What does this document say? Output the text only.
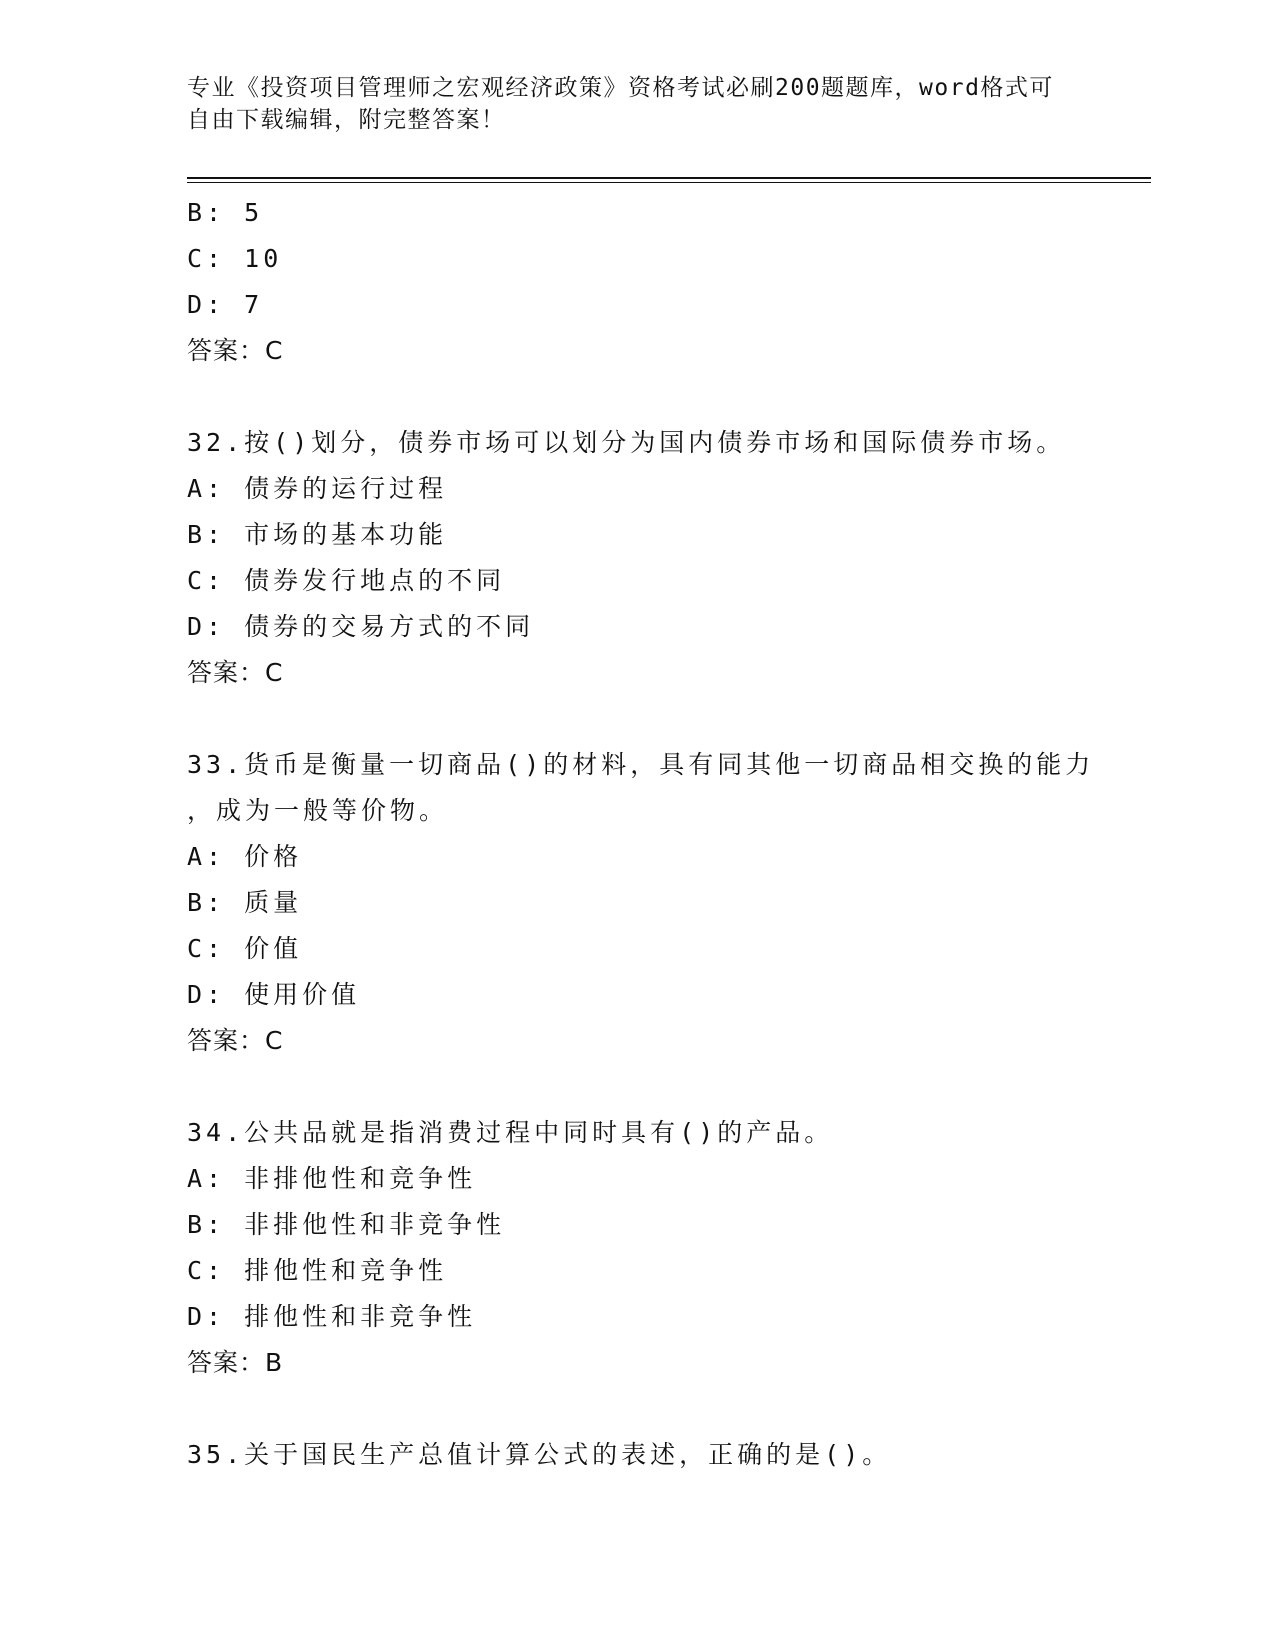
专业《投资项目管理师之宏观经济政策》资格考试必刷200题题库，word格式可
自由下载编辑，附完整答案！
B: 5
C: 10
D: 7
答案：C
32.按()划分，债券市场可以划分为国内债券市场和国际债券市场。
A: 债券的运行过程
B: 市场的基本功能
C: 债券发行地点的不同
D: 债券的交易方式的不同
答案：C
33.货币是衡量一切商品()的材料，具有同其他一切商品相交换的能力
，成为一般等价物。
A: 价格
B: 质量
C: 价值
D: 使用价值
答案：C
34.公共品就是指消费过程中同时具有()的产品。
A: 非排他性和竞争性
B: 非排他性和非竞争性
C: 排他性和竞争性
D: 排他性和非竞争性
答案：B
35.关于国民生产总值计算公式的表述，正确的是()。
